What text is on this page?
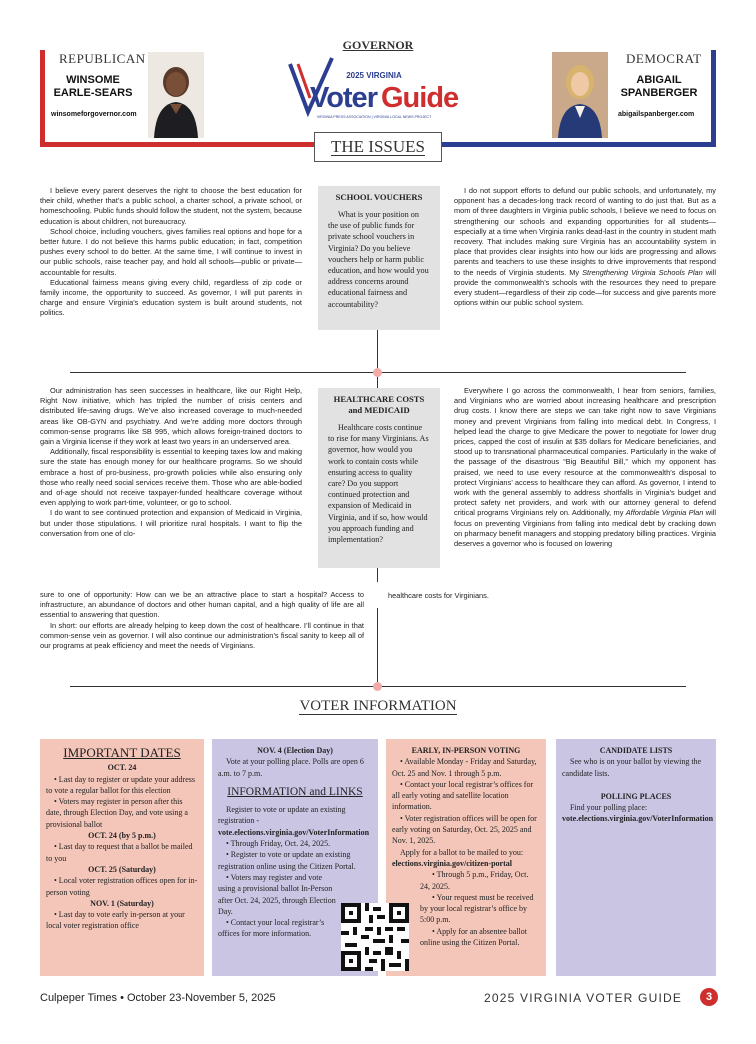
REPUBLICAN
WINSOME
EARLE-SEARS
winsomeforgovernor.com
DEMOCRAT
ABIGAIL
SPANBERGER
abigailspanberger.com
GOVERNOR
2025 VIRGINIA
Voter Guide
VIRGINIA PRESS ASSOCIATION | VIRGINIA LOCAL NEWS PROJECT
THE ISSUES

I believe every parent deserves the right to choose the best education for their child, whether that’s a public school, a charter school, a private school, or homeschooling. Public funds should follow the student, not the system, because education is about children, not bureaucracy.

School choice, including vouchers, gives families real options and hope for a better future. I do not believe this harms public education; in fact, competition pushes every school to do better. At the same time, I will continue to invest in our public schools, raise teacher pay, and hold all schools—public or private—accountable for results.

Educational fairness means giving every child, regardless of zip code or family income, the opportunity to succeed. As governor, I will put parents in charge and ensure Virginia’s education system is built around students, not politics.

SCHOOL VOUCHERS
What is your position on the use of public funds for private school vouchers in Virginia? Do you believe vouchers help or harm public education, and how would you address concerns around educational fairness and accountability?

I do not support efforts to defund our public schools, and unfortunately, my opponent has a decades-long track record of wanting to do just that. But as a mom of three daughters in Virginia public schools, I believe we need to focus on strengthening our schools and expanding opportunities for all students—especially at a time when Virginia ranks dead-last in the country in student math recovery. That includes making sure Virginia has an accountability system in place that provides clear insights into how our kids are progressing and allows parents and teachers to use these insights to drive improvements that respond to the needs of Virginia students. My Strengthening Virginia Schools Plan will provide the commonwealth’s schools with the resources they need to prepare every student—regardless of their zip code—for success and give parents more options within our public school system.

Our administration has seen successes in healthcare, like our Right Help, Right Now initiative, which has tripled the number of crisis centers and distributed life-saving drugs. We’ve also increased coverage to much-needed areas like OB-GYN and psychiatry. And we’re adding more doctors through common-sense programs like SB 995, which allows foreign-trained doctors to gain a Virginia license if they work at least two years in an underserved area.

Additionally, fiscal responsibility is essential to keeping taxes low and making sure the state has enough money for our healthcare programs. So we should embrace a host of pro-business, pro-growth policies while also ensuring only those who really need social services receive them. Those who are able-bodied and of-age should not receive taxpayer-funded healthcare coverage without even applying to work part-time, volunteer, or go to school.

I do want to see continued protection and expansion of Medicaid in Virginia, but under those stipulations. I will prioritize rural hospitals. I want to flip the conversation from one of clo-

sure to one of opportunity: How can we be an attractive place to start a hospital? Access to infrastructure, an abundance of doctors and other human capital, and a high quality of life are all essential to answering that question.

In short: our efforts are already helping to keep down the cost of healthcare. I’ll continue in that common-sense vein as governor. I will also continue our administration’s fiscal sanity to keep all of our programs at peak efficiency and meet the needs of Virginians.

HEALTHCARE COSTS
and MEDICAID
Healthcare costs continue to rise for many Virginians. As governor, how would you work to contain costs while ensuring access to quality care? Do you support continued protection and expansion of Medicaid in Virginia, and if so, how would you approach funding and implementation?

Everywhere I go across the commonwealth, I hear from seniors, families, and Virginians who are worried about increasing healthcare and prescription drug costs. I know there are steps we can take right now to save Virginians money and prevent Virginians from falling into medical debt. In Congress, I helped lead the charge to give Medicare the power to negotiate for lower drug prices, capped the cost of insulin at $35 dollars for Medicare beneficiaries, and stood up to transnational pharmaceutical companies. Particularly in the wake of the passage of the disastrous “Big Beautiful Bill,” which my opponent has praised, we need to use every resource at the commonwealth’s disposal to protect Virginians’ access to healthcare they can afford. As governor, I intend to work with the general assembly to address shortfalls in Virginia’s budget and protect safety net providers, and work with our attorney general to defend critical programs Virginians rely on. Additionally, my Affordable Virginia Plan will focus on preventing Virginians from falling into medical debt by cracking down on pharmacy benefit managers and stopping predatory billing practices. Virginia deserves a governor who is focused on lowering

healthcare costs for Virginians.

VOTER INFORMATION
IMPORTANT DATES

OCT. 24

• Last day to register or update your address to vote a regular ballot for this election

• Voters may register in person after this date, through Election Day, and vote using a provisional ballot

OCT. 24 (by 5 p.m.)

• Last day to request that a ballot be mailed to you

OCT. 25 (Saturday)

• Local voter registration offices open for in-person voting

NOV. 1 (Saturday)

• Last day to vote early in-person at your local voter registration office

NOV. 4 (Election Day)

Vote at your polling place. Polls are open 6 a.m. to 7 p.m.

INFORMATION and LINKS

Register to vote or update an existing registration - vote.elections.virginia.gov/VoterInformation

• Through Friday, Oct. 24, 2025.

• Register to vote or update an existing registration online using the Citizen Portal.

• Voters may register and vote using a provisional ballot In-Person after Oct. 24, 2025, through Election Day.

• Contact your local registrar’s offices for more information.

EARLY, IN-PERSON VOTING

• Available Monday - Friday and Saturday, Oct. 25 and Nov. 1 through 5 p.m.

• Contact your local registrar’s offices for all early voting and satellite location information.

• Voter registration offices will be open for early voting on Saturday, Oct. 25, 2025 and Nov. 1, 2025.

Apply for a ballot to be mailed to you:

elections.virginia.gov/citizen-portal

• Through 5 p.m., Friday, Oct. 24, 2025.

• Your request must be received by your local registrar’s office by 5:00 p.m.

• Apply for an absentee ballot online using the Citizen Portal.

CANDIDATE LISTS

See who is on your ballot by viewing the candidate lists.

POLLING PLACES

Find your polling place: vote.elections.virginia.gov/VoterInformation

Culpeper Times • October 23-November 5, 2025	2025 VIRGINIA VOTER GUIDE	3
